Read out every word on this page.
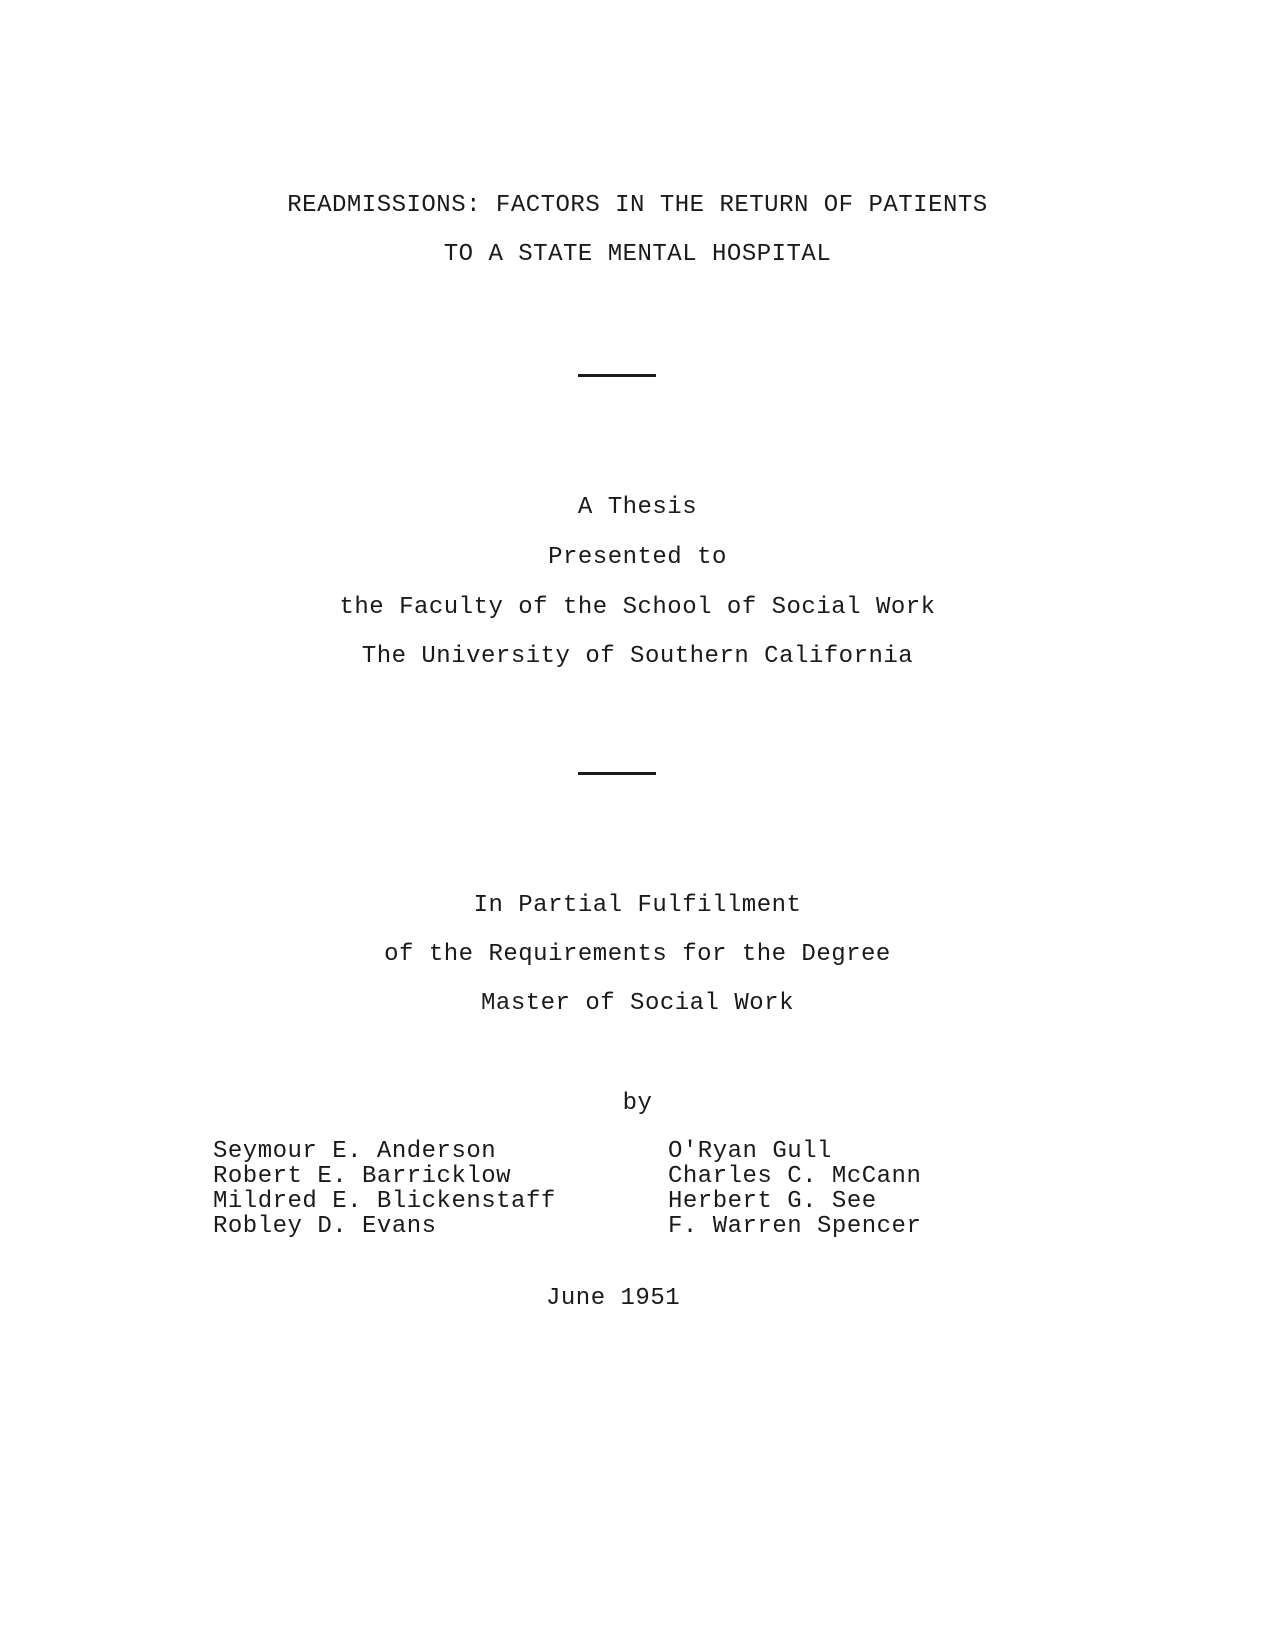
READMISSIONS: FACTORS IN THE RETURN OF PATIENTS
TO A STATE MENTAL HOSPITAL
A Thesis
Presented to
the Faculty of the School of Social Work
The University of Southern California
In Partial Fulfillment
of the Requirements for the Degree
Master of Social Work
by
Seymour E. Anderson
Robert E. Barricklow
Mildred E. Blickenstaff
Robley D. Evans
O'Ryan Gull
Charles C. McCann
Herbert G. See
F. Warren Spencer
June 1951
